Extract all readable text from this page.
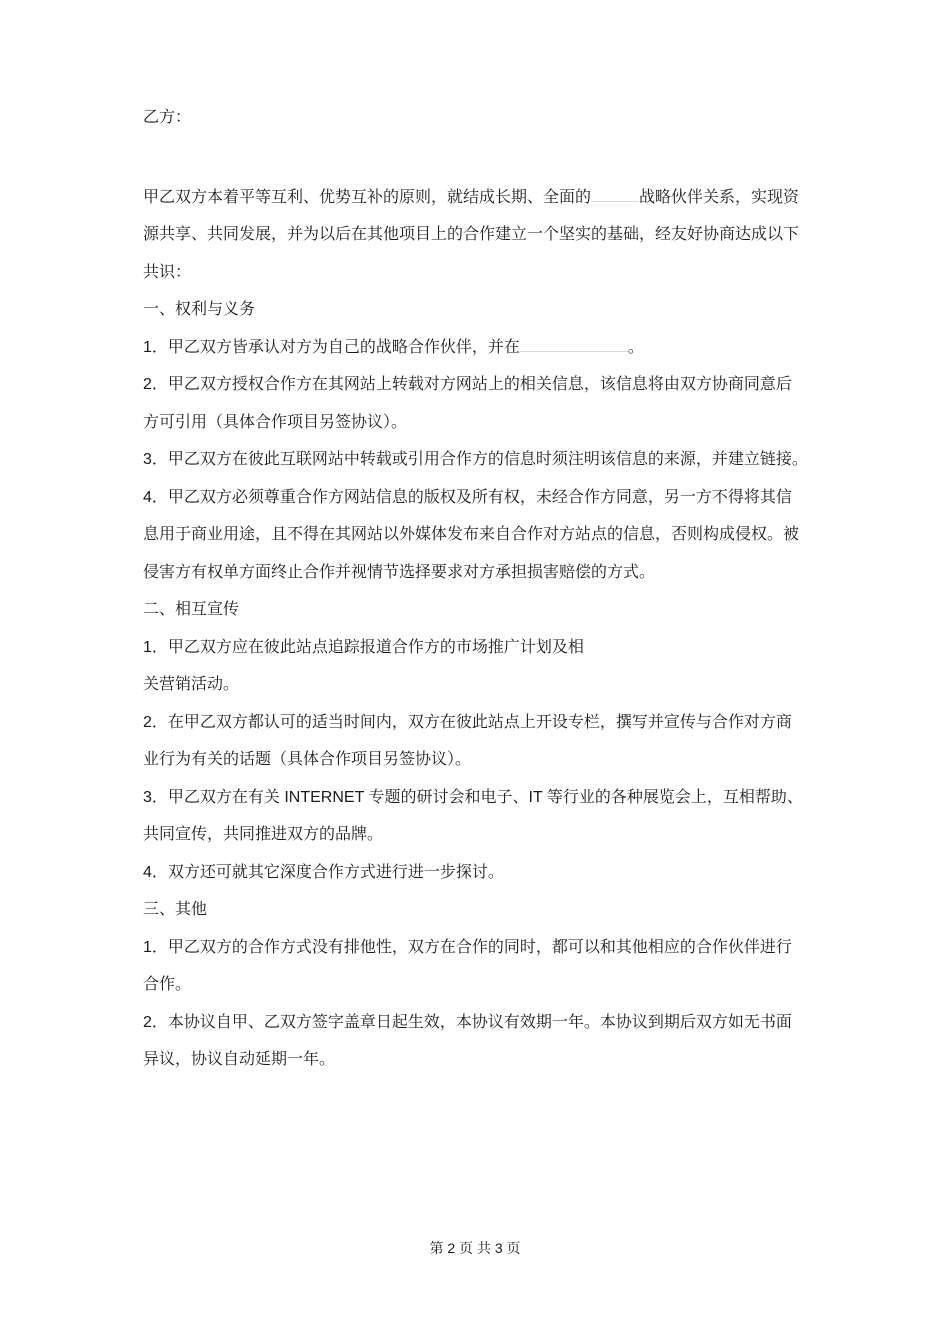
乙方：

甲乙双方本着平等互利、优势互补的原则，就结成长期、全面的	战略伙伴关系，实现资

源共享、共同发展，并为以后在其他项目上的合作建立一个坚实的基础，经友好协商达成以下

共识：

一、权利与义务

1．甲乙双方皆承认对方为自己的战略合作伙伴，并在	。

2．甲乙双方授权合作方在其网站上转载对方网站上的相关信息，该信息将由双方协商同意后

方可引用（具体合作项目另签协议）。

3．甲乙双方在彼此互联网站中转载或引用合作方的信息时须注明该信息的来源，并建立链接。

4．甲乙双方必须尊重合作方网站信息的版权及所有权，未经合作方同意，另一方不得将其信

息用于商业用途，且不得在其网站以外媒体发布来自合作对方站点的信息，否则构成侵权。被

侵害方有权单方面终止合作并视情节选择要求对方承担损害赔偿的方式。

二、相互宣传

1．甲乙双方应在彼此站点追踪报道合作方的市场推广计划及相

关营销活动。

2．在甲乙双方都认可的适当时间内，双方在彼此站点上开设专栏，撰写并宣传与合作对方商

业行为有关的话题（具体合作项目另签协议）。

3．甲乙双方在有关 INTERNET 专题的研讨会和电子、IT 等行业的各种展览会上，互相帮助、

共同宣传，共同推进双方的品牌。

4．双方还可就其它深度合作方式进行进一步探讨。

三、其他

1．甲乙双方的合作方式没有排他性，双方在合作的同时，都可以和其他相应的合作伙伴进行

合作。

2．本协议自甲、乙双方签字盖章日起生效，本协议有效期一年。本协议到期后双方如无书面

异议，协议自动延期一年。

第 2 页 共 3 页
